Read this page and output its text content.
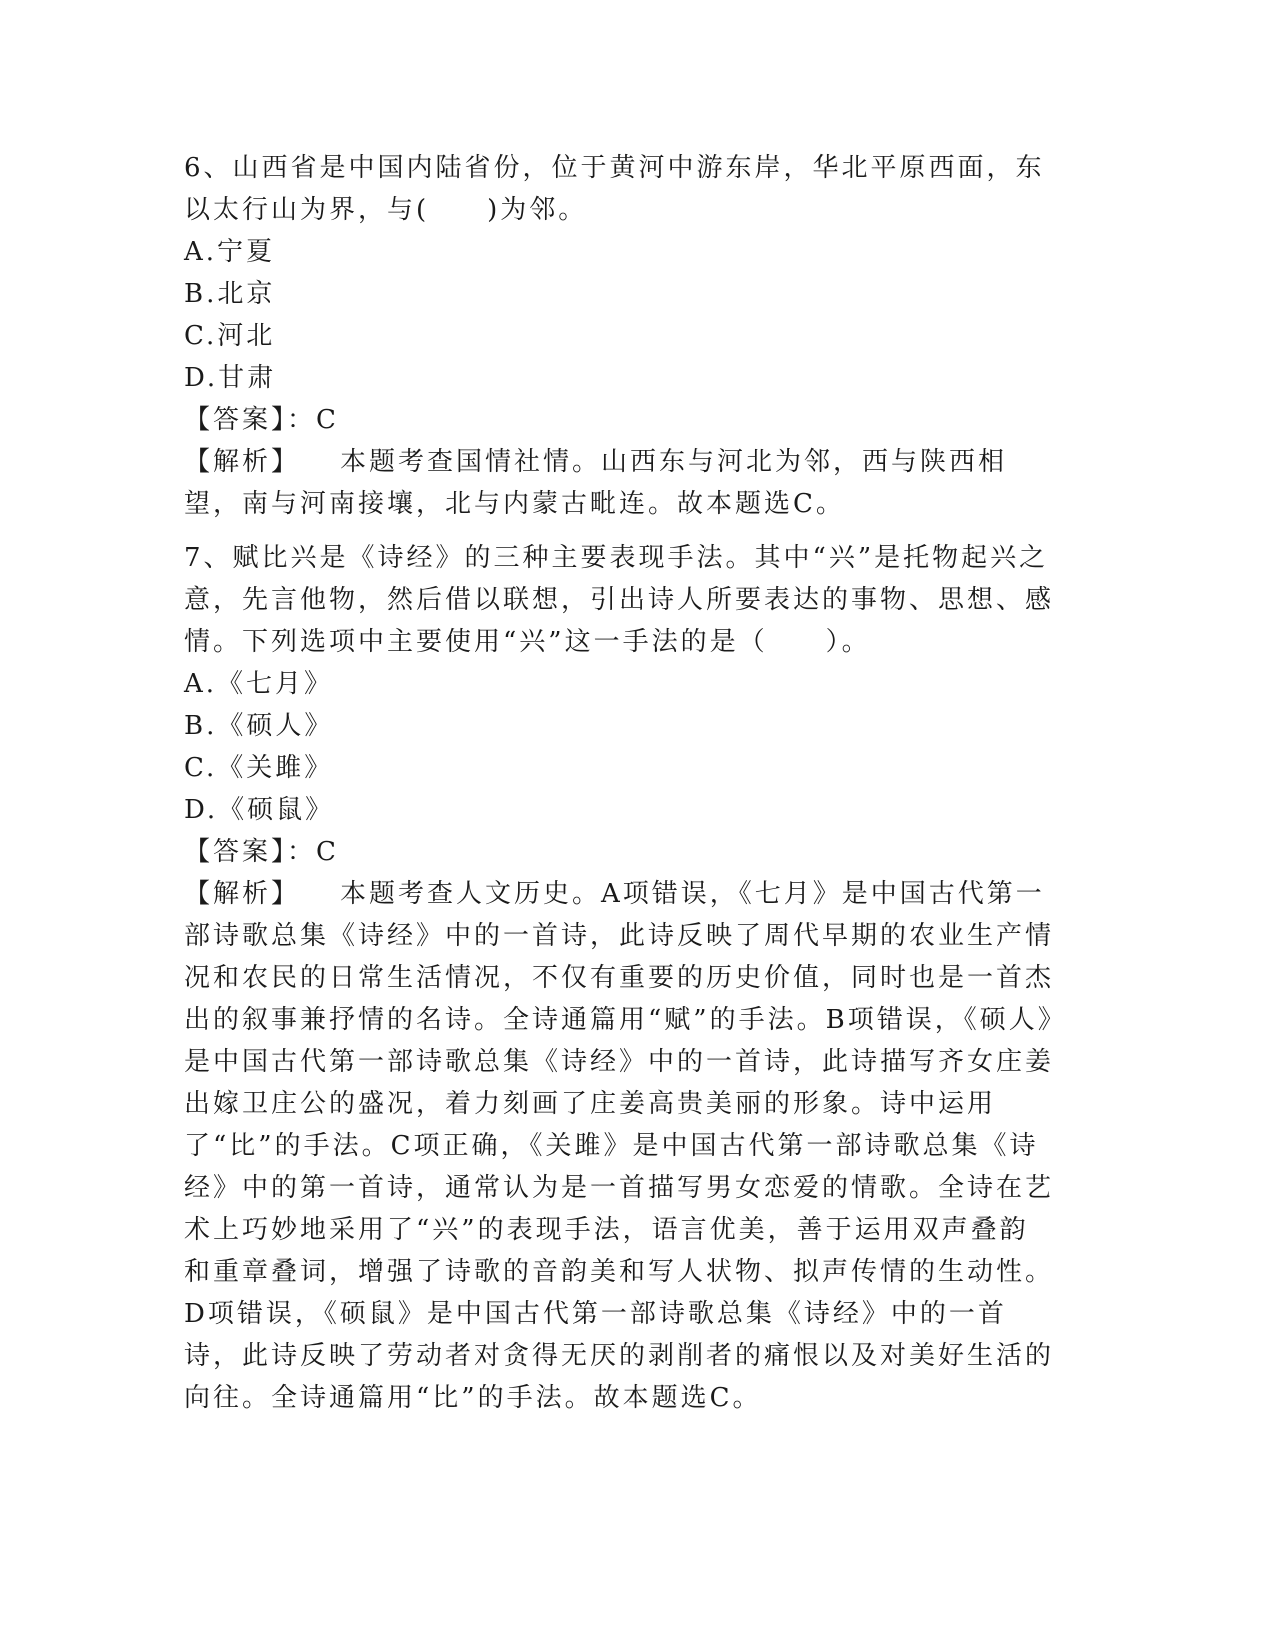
6、山西省是中国内陆省份，位于黄河中游东岸，华北平原西面，东以太行山为界，与(　　)为邻。
A.宁夏
B.北京
C.河北
D.甘肃
【答案】：C
【解析】 本题考查国情社情。山西东与河北为邻，西与陕西相望，南与河南接壤，北与内蒙古毗连。故本题选C。
7、赋比兴是《诗经》的三种主要表现手法。其中“兴”是托物起兴之意，先言他物，然后借以联想，引出诗人所要表达的事物、思想、感情。下列选项中主要使用“兴”这一手法的是（　　）。
A.《七月》
B.《硕人》
C.《关雎》
D.《硕鼠》
【答案】：C
【解析】 本题考查人文历史。A项错误，《七月》是中国古代第一部诗歌总集《诗经》中的一首诗，此诗反映了周代早期的农业生产情况和农民的日常生活情况，不仅有重要的历史价值，同时也是一首杰出的叙事兼抒情的名诗。全诗通篇用“赋”的手法。B项错误，《硕人》是中国古代第一部诗歌总集《诗经》中的一首诗，此诗描写齐女庄姜出嫁卫庄公的盛况，着力刻画了庄姜高贵美丽的形象。诗中运用了“比”的手法。C项正确，《关雎》是中国古代第一部诗歌总集《诗经》中的第一首诗，通常认为是一首描写男女恋爱的情歌。全诗在艺术上巧妙地采用了“兴”的表现手法，语言优美，善于运用双声叠韵和重章叠词，增强了诗歌的音韵美和写人状物、拟声传情的生动性。D项错误，《硕鼠》是中国古代第一部诗歌总集《诗经》中的一首诗，此诗反映了劳动者对贪得无厌的剥削者的痛恨以及对美好生活的向往。全诗通篇用“比”的手法。故本题选C。
